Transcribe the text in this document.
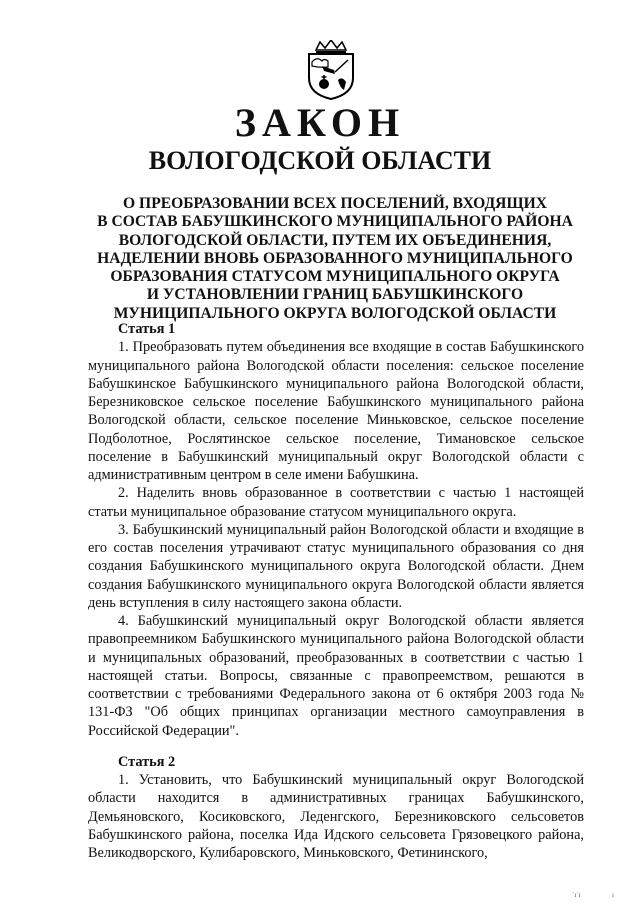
ЗАКОН
ВОЛОГОДСКОЙ ОБЛАСТИ
О ПРЕОБРАЗОВАНИИ ВСЕХ ПОСЕЛЕНИЙ, ВХОДЯЩИХ
В СОСТАВ БАБУШКИНСКОГО МУНИЦИПАЛЬНОГО РАЙОНА
ВОЛОГОДСКОЙ ОБЛАСТИ, ПУТЕМ ИХ ОБЪЕДИНЕНИЯ,
НАДЕЛЕНИИ ВНОВЬ ОБРАЗОВАННОГО МУНИЦИПАЛЬНОГО
ОБРАЗОВАНИЯ СТАТУСОМ МУНИЦИПАЛЬНОГО ОКРУГА
И УСТАНОВЛЕНИИ ГРАНИЦ БАБУШКИНСКОГО
МУНИЦИПАЛЬНОГО ОКРУГА ВОЛОГОДСКОЙ ОБЛАСТИ
Статья 1

1. Преобразовать путем объединения все входящие в состав Бабушкинского муниципального района Вологодской области поселения: сельское поселение Бабушкинское Бабушкинского муниципального района Вологодской области, Березниковское сельское поселение Бабушкинского муниципального района Вологодской области, сельское поселение Миньковское, сельское поселение Подболотное, Рослятинское сельское поселение, Тимановское сельское поселение в Бабушкинский муниципальный округ Вологодской области с административным центром в селе имени Бабушкина.

2. Наделить вновь образованное в соответствии с частью 1 настоящей статьи муниципальное образование статусом муниципального округа.

3. Бабушкинский муниципальный район Вологодской области и входящие в его состав поселения утрачивают статус муниципального образования со дня создания Бабушкинского муниципального округа Вологодской области. Днем создания Бабушкинского муниципального округа Вологодской области является день вступления в силу настоящего закона области.

4. Бабушкинский муниципальный округ Вологодской области является правопреемником Бабушкинского муниципального района Вологодской области и муниципальных образований, преобразованных в соответствии с частью 1 настоящей статьи. Вопросы, связанные с правопреемством, решаются в соответствии с требованиями Федерального закона от 6 октября 2003 года № 131-ФЗ "Об общих принципах организации местного самоуправления в Российской Федерации".

Статья 2

1. Установить, что Бабушкинский муниципальный округ Вологодской области находится в административных границах Бабушкинского, Демьяновского, Косиковского, Леденгского, Березниковского сельсоветов Бабушкинского района, поселка Ида Идского сельсовета Грязовецкого района, Великодворского, Кулибаровского, Миньковского, Фетининского,

˙ı˙ı	ı
